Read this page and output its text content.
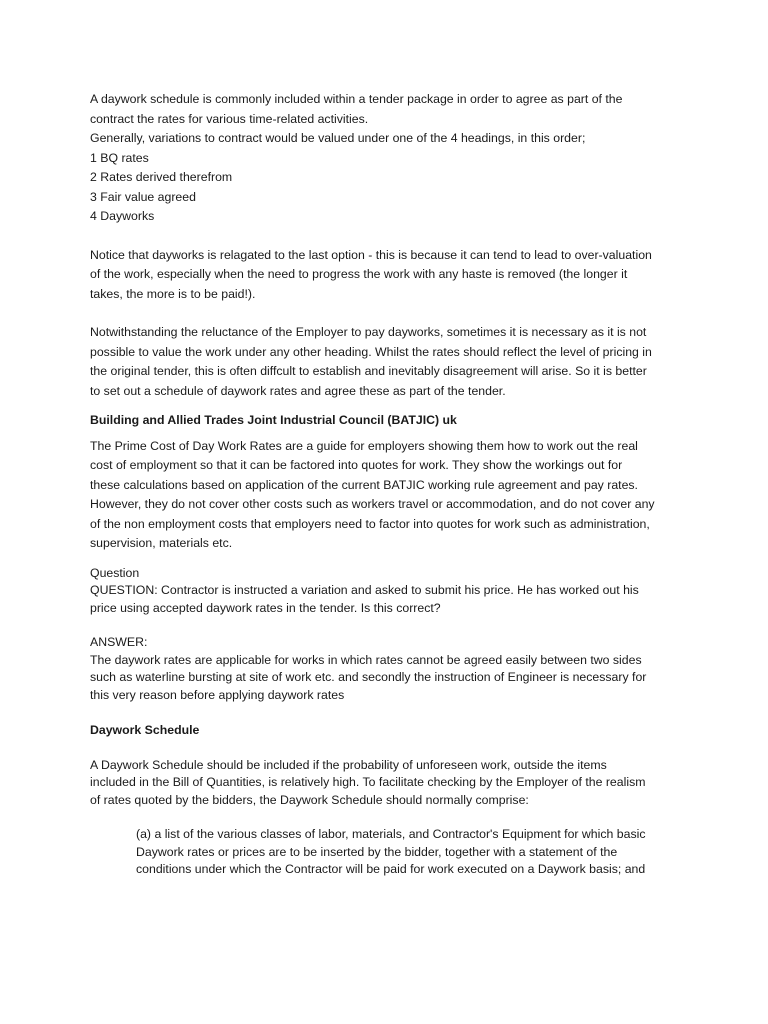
A daywork schedule is commonly included within a tender package in order to agree as part of the
contract the rates for various time-related activities.
Generally, variations to contract would be valued under one of the 4 headings, in this order;
1 BQ rates
2 Rates derived therefrom
3 Fair value agreed
4 Dayworks
Notice that dayworks is relagated to the last option - this is because it can tend to lead to over-valuation
of the work, especially when the need to progress the work with any haste is removed (the longer it
takes, the more is to be paid!).
Notwithstanding the reluctance of the Employer to pay dayworks, sometimes it is necessary as it is not
possible to value the work under any other heading. Whilst the rates should reflect the level of pricing in
the original tender, this is often diffcult to establish and inevitably disagreement will arise. So it is better
to set out a schedule of daywork rates and agree these as part of the tender.
Building and Allied Trades Joint Industrial Council (BATJIC) uk
The Prime Cost of Day Work Rates are a guide for employers showing them how to work out the real
cost of employment so that it can be factored into quotes for work. They show the workings out for
these calculations based on application of the current BATJIC working rule agreement and pay rates.
However, they do not cover other costs such as workers travel or accommodation, and do not cover any
of the non employment costs that employers need to factor into quotes for work such as administration,
supervision, materials etc.
Question
QUESTION: Contractor is instructed a variation and asked to submit his price. He has worked out his
price using accepted daywork rates in the tender. Is this correct?
ANSWER:
The daywork rates are applicable for works in which rates cannot be agreed easily between two sides
such as waterline bursting at site of work etc. and secondly the instruction of Engineer is necessary for
this very reason before applying daywork rates
Daywork Schedule
A Daywork Schedule should be included if the probability of unforeseen work, outside the items
included in the Bill of Quantities, is relatively high. To facilitate checking by the Employer of the realism
of rates quoted by the bidders, the Daywork Schedule should normally comprise:
(a) a list of the various classes of labor, materials, and Contractor's Equipment for which basic
Daywork rates or prices are to be inserted by the bidder, together with a statement of the
conditions under which the Contractor will be paid for work executed on a Daywork basis; and
